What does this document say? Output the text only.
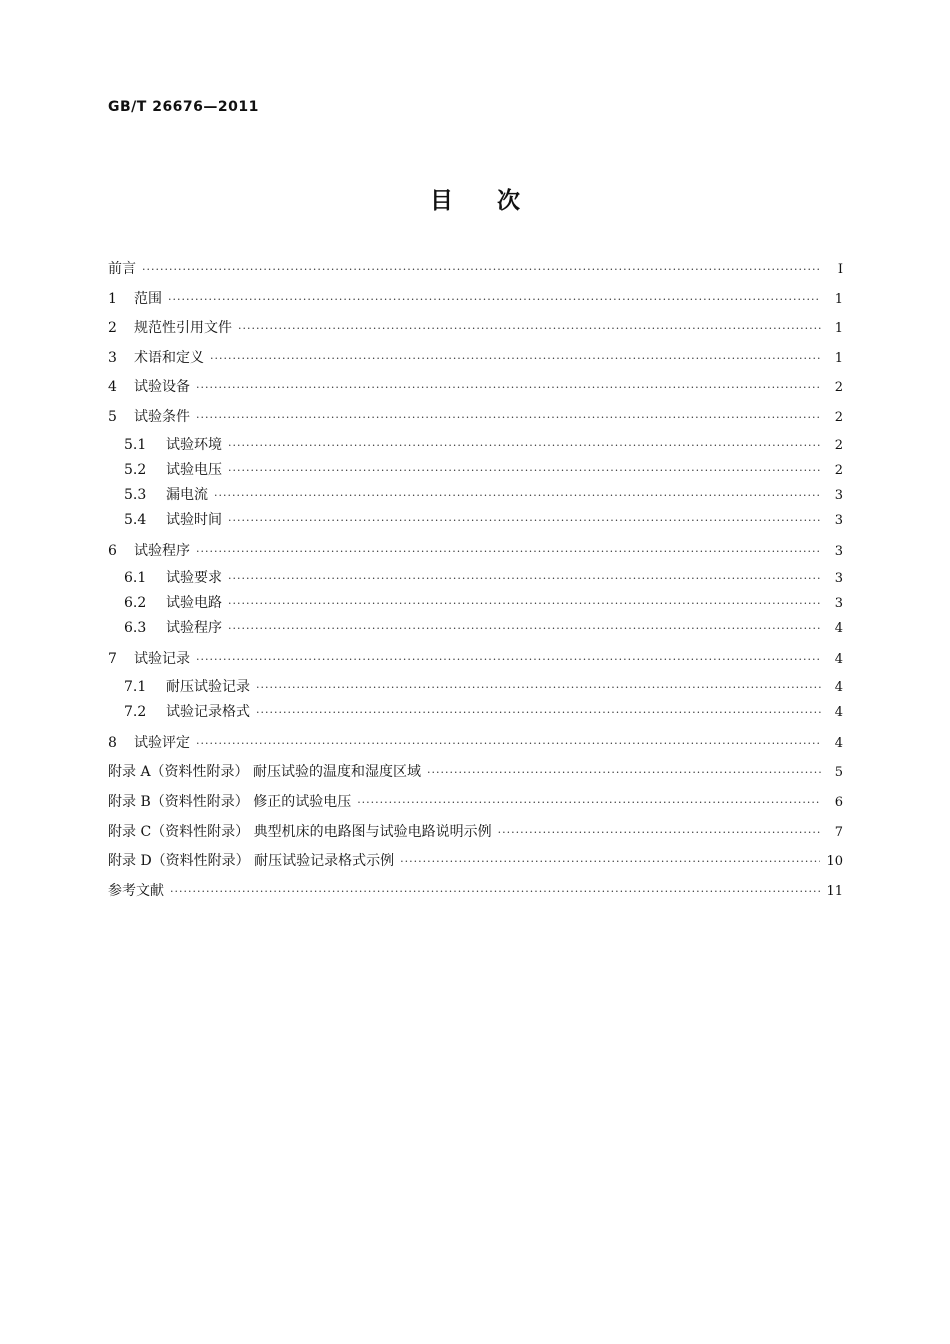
GB/T 26676—2011
目次
前言 ·····	Ⅰ
1	范围 ·····	1
2	规范性引用文件 ·····	1
3	术语和定义 ·····	1
4	试验设备 ·····	2
5	试验条件 ·····	2
5.1	试验环境 ·····	2
5.2	试验电压 ·····	2
5.3	漏电流 ·····	3
5.4	试验时间 ·····	3
6	试验程序 ·····	3
6.1	试验要求 ·····	3
6.2	试验电路 ·····	3
6.3	试验程序 ·····	4
7	试验记录 ·····	4
7.1	耐压试验记录 ·····	4
7.2	试验记录格式 ·····	4
8	试验评定 ·····	4
附录 A（资料性附录） 耐压试验的温度和湿度区域 ·····	5
附录 B（资料性附录） 修正的试验电压 ·····	6
附录 C（资料性附录） 典型机床的电路图与试验电路说明示例 ·····	7
附录 D（资料性附录） 耐压试验记录格式示例 ·····	10
参考文献 ·····	11
